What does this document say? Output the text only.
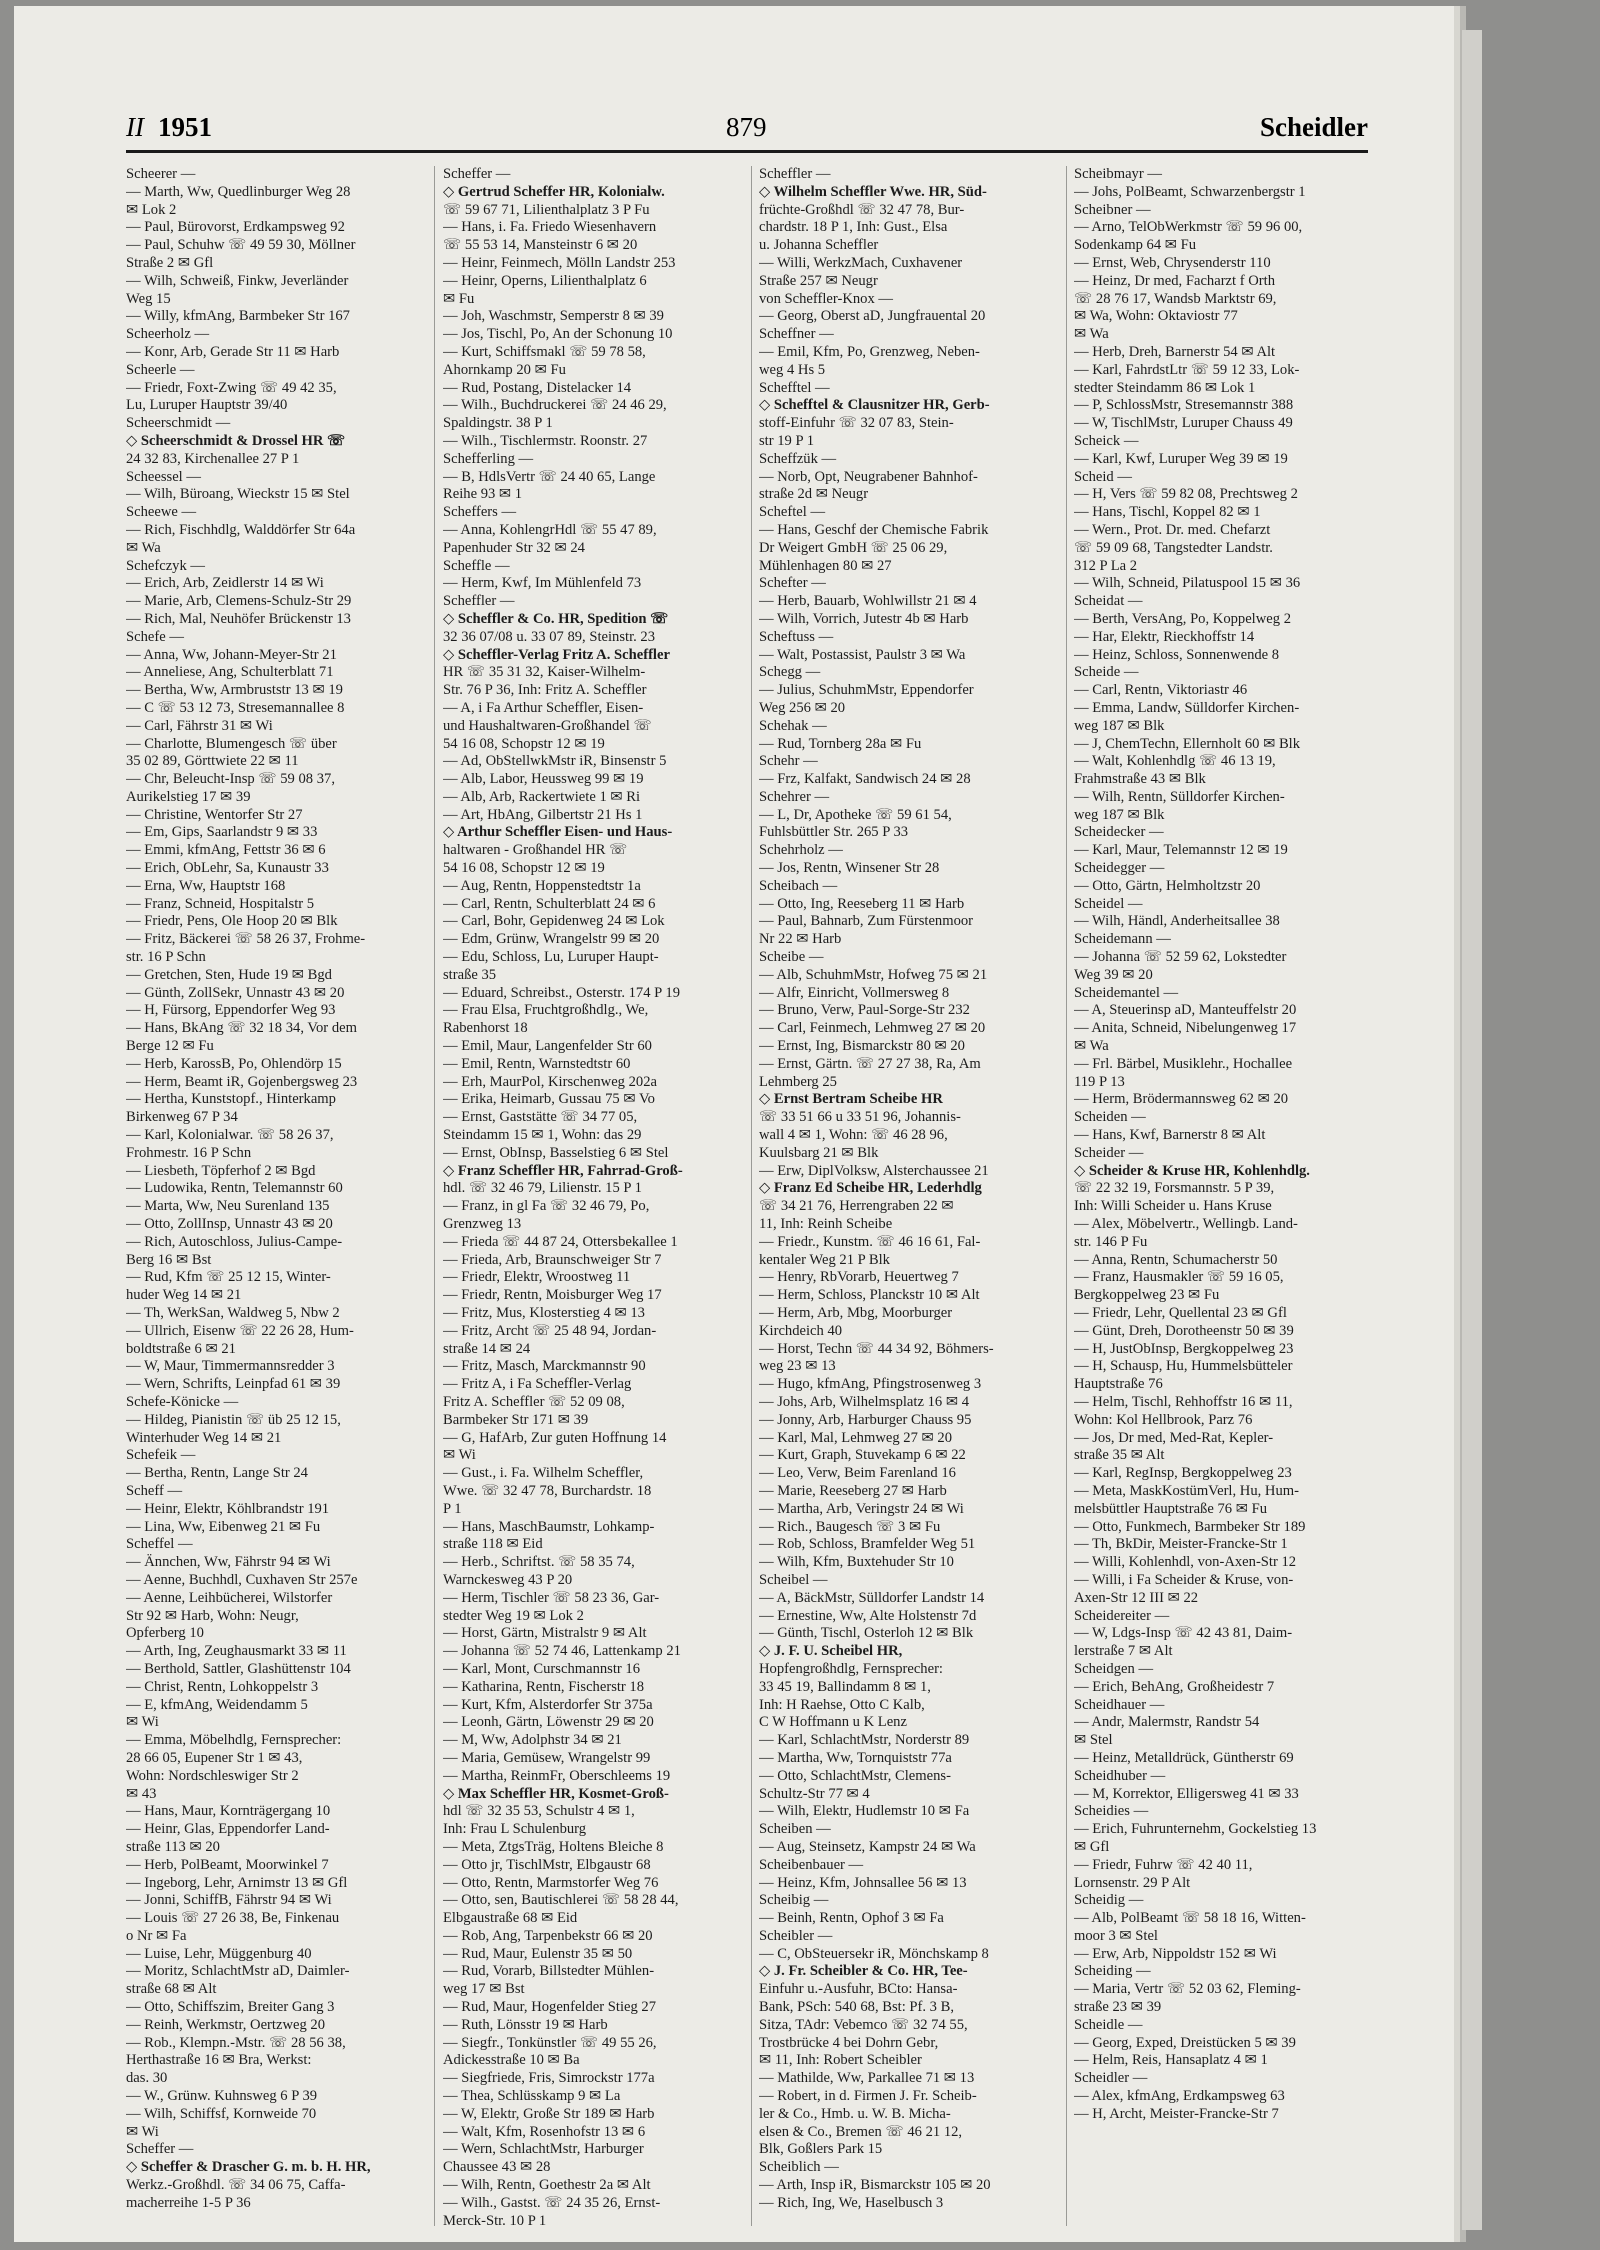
II 1951	879	Scheidler
Scheerer —
— Marth, Ww, Quedlinburger Weg 28
✉ Lok 2
— Paul, Bürovorst, Erdkampsweg 92
— Paul, Schuhw ☏ 49 59 30, Möllner
Straße 2 ✉ Gfl
— Wilh, Schweiß, Finkw, Jeverländer
Weg 15
— Willy, kfmAng, Barmbeker Str 167
Scheerholz —
— Konr, Arb, Gerade Str 11 ✉ Harb
Scheerle —
— Friedr, Foxt-Zwing ☏ 49 42 35,
Lu, Luruper Hauptstr 39/40
Scheerschmidt —
◇ Scheerschmidt & Drossel HR ☏
24 32 83, Kirchenallee 27 P 1
Scheessel —
— Wilh, Büroang, Wieckstr 15 ✉ Stel
Scheewe —
— Rich, Fischhdlg, Walddörfer Str 64a
✉ Wa
Schefczyk —
— Erich, Arb, Zeidlerstr 14 ✉ Wi
— Marie, Arb, Clemens-Schulz-Str 29
— Rich, Mal, Neuhöfer Brückenstr 13
Schefe —
— Anna, Ww, Johann-Meyer-Str 21
— Anneliese, Ang, Schulterblatt 71
— Bertha, Ww, Armbruststr 13 ✉ 19
— C ☏ 53 12 73, Stresemannallee 8
— Carl, Fährstr 31 ✉ Wi
— Charlotte, Blumengesch ☏ über
35 02 89, Görttwiete 22 ✉ 11
— Chr, Beleucht-Insp ☏ 59 08 37,
Aurikelstieg 17 ✉ 39
— Christine, Wentorfer Str 27
— Em, Gips, Saarlandstr 9 ✉ 33
— Emmi, kfmAng, Fettstr 36 ✉ 6
— Erich, ObLehr, Sa, Kunaustr 33
— Erna, Ww, Hauptstr 168
— Franz, Schneid, Hospitalstr 5
— Friedr, Pens, Ole Hoop 20 ✉ Blk
— Fritz, Bäckerei ☏ 58 26 37, Frohme-
str. 16 P Schn
— Gretchen, Sten, Hude 19 ✉ Bgd
— Günth, ZollSekr, Unnastr 43 ✉ 20
— H, Fürsorg, Eppendorfer Weg 93
— Hans, BkAng ☏ 32 18 34, Vor dem
Berge 12 ✉ Fu
— Herb, KarossB, Po, Ohlendörp 15
— Herm, Beamt iR, Gojenbergsweg 23
— Hertha, Kunststopf., Hinterkamp
Birkenweg 67 P 34
— Karl, Kolonialwar. ☏ 58 26 37,
Frohmestr. 16 P Schn
— Liesbeth, Töpferhof 2 ✉ Bgd
— Ludowika, Rentn, Telemannstr 60
— Marta, Ww, Neu Surenland 135
— Otto, ZollInsp, Unnastr 43 ✉ 20
— Rich, Autoschloss, Julius-Campe-
Berg 16 ✉ Bst
— Rud, Kfm ☏ 25 12 15, Winter-
huder Weg 14 ✉ 21
— Th, WerkSan, Waldweg 5, Nbw 2
— Ullrich, Eisenw ☏ 22 26 28, Hum-
boldtstraße 6 ✉ 21
— W, Maur, Timmermannsredder 3
— Wern, Schrifts, Leinpfad 61 ✉ 39
Schefe-Könicke —
— Hildeg, Pianistin ☏ üb 25 12 15,
Winterhuder Weg 14 ✉ 21
Schefeik —
— Bertha, Rentn, Lange Str 24
Scheff —
— Heinr, Elektr, Köhlbrandstr 191
— Lina, Ww, Eibenweg 21 ✉ Fu
Scheffel —
— Ännchen, Ww, Fährstr 94 ✉ Wi
— Aenne, Buchhdl, Cuxhaven Str 257e
— Aenne, Leihbücherei, Wilstorfer
Str 92 ✉ Harb, Wohn: Neugr,
Opferberg 10
— Arth, Ing, Zeughausmarkt 33 ✉ 11
— Berthold, Sattler, Glashüttenstr 104
— Christ, Rentn, Lohkoppelstr 3
— E, kfmAng, Weidendamm 5
✉ Wi
— Emma, Möbelhdlg, Fernsprecher:
28 66 05, Eupener Str 1 ✉ 43,
Wohn: Nordschleswiger Str 2
✉ 43
— Hans, Maur, Kornträgergang 10
— Heinr, Glas, Eppendorfer Land-
straße 113 ✉ 20
— Herb, PolBeamt, Moorwinkel 7
— Ingeborg, Lehr, Arnimstr 13 ✉ Gfl
— Jonni, SchiffB, Fährstr 94 ✉ Wi
— Louis ☏ 27 26 38, Be, Finkenau
o Nr ✉ Fa
— Luise, Lehr, Müggenburg 40
— Moritz, SchlachtMstr aD, Daimler-
straße 68 ✉ Alt
— Otto, Schiffszim, Breiter Gang 3
— Reinh, Werkmstr, Oertzweg 20
— Rob., Klempn.-Mstr. ☏ 28 56 38,
Herthastraße 16 ✉ Bra, Werkst:
das. 30
— W., Grünw. Kuhnsweg 6 P 39
— Wilh, Schiffsf, Kornweide 70
✉ Wi
Scheffer —
◇ Scheffer & Drascher G. m. b. H. HR,
Werkz.-Großhdl. ☏ 34 06 75, Caffa-
macherreihe 1-5 P 36
Scheffer —
◇ Gertrud Scheffer HR, Kolonialw.
☏ 59 67 71, Lilienthalplatz 3 P Fu
— Hans, i. Fa. Friedo Wiesenhavern
☏ 55 53 14, Mansteinstr 6 ✉ 20
— Heinr, Feinmech, Mölln Landstr 253
— Heinr, Operns, Lilienthalplatz 6
✉ Fu
— Joh, Waschmstr, Semperstr 8 ✉ 39
— Jos, Tischl, Po, An der Schonung 10
— Kurt, Schiffsmakl ☏ 59 78 58,
Ahornkamp 20 ✉ Fu
— Rud, Postang, Distelacker 14
— Wilh., Buchdruckerei ☏ 24 46 29,
Spaldingstr. 38 P 1
— Wilh., Tischlermstr. Roonstr. 27
Schefferling —
— B, HdlsVertr ☏ 24 40 65, Lange
Reihe 93 ✉ 1
Scheffers —
— Anna, KohlengrHdl ☏ 55 47 89,
Papenhuder Str 32 ✉ 24
Scheffle —
— Herm, Kwf, Im Mühlenfeld 73
Scheffler —
◇ Scheffler & Co. HR, Spedition ☏
32 36 07/08 u. 33 07 89, Steinstr. 23
◇ Scheffler-Verlag Fritz A. Scheffler
HR ☏ 35 31 32, Kaiser-Wilhelm-
Str. 76 P 36, Inh: Fritz A. Scheffler
— A, i Fa Arthur Scheffler, Eisen-
und Haushaltwaren-Großhandel ☏
54 16 08, Schopstr 12 ✉ 19
— Ad, ObStellwkMstr iR, Binsenstr 5
— Alb, Labor, Heussweg 99 ✉ 19
— Alb, Arb, Rackertwiete 1 ✉ Ri
— Art, HbAng, Gilbertstr 21 Hs 1
◇ Arthur Scheffler Eisen- und Haus-
haltwaren - Großhandel HR ☏
54 16 08, Schopstr 12 ✉ 19
— Aug, Rentn, Hoppenstedtstr 1a
— Carl, Rentn, Schulterblatt 24 ✉ 6
— Carl, Bohr, Gepidenweg 24 ✉ Lok
— Edm, Grünw, Wrangelstr 99 ✉ 20
— Edu, Schloss, Lu, Luruper Haupt-
straße 35
— Eduard, Schreibst., Osterstr. 174 P 19
— Frau Elsa, Fruchtgroßhdlg., We,
Rabenhorst 18
— Emil, Maur, Langenfelder Str 60
— Emil, Rentn, Warnstedtstr 60
— Erh, MaurPol, Kirschenweg 202a
— Erika, Heimarb, Gussau 75 ✉ Vo
— Ernst, Gaststätte ☏ 34 77 05,
Steindamm 15 ✉ 1, Wohn: das 29
— Ernst, ObInsp, Basselstieg 6 ✉ Stel
◇ Franz Scheffler HR, Fahrrad-Groß-
hdl. ☏ 32 46 79, Lilienstr. 15 P 1
— Franz, in gl Fa ☏ 32 46 79, Po,
Grenzweg 13
— Frieda ☏ 44 87 24, Ottersbekallee 1
— Frieda, Arb, Braunschweiger Str 7
— Friedr, Elektr, Wroostweg 11
— Friedr, Rentn, Moisburger Weg 17
— Fritz, Mus, Klosterstieg 4 ✉ 13
— Fritz, Archt ☏ 25 48 94, Jordan-
straße 14 ✉ 24
— Fritz, Masch, Marckmannstr 90
— Fritz A, i Fa Scheffler-Verlag
Fritz A. Scheffler ☏ 52 09 08,
Barmbeker Str 171 ✉ 39
— G, HafArb, Zur guten Hoffnung 14
✉ Wi
— Gust., i. Fa. Wilhelm Scheffler,
Wwe. ☏ 32 47 78, Burchardstr. 18
P 1
— Hans, MaschBaumstr, Lohkamp-
straße 118 ✉ Eid
— Herb., Schriftst. ☏ 58 35 74,
Warnckesweg 43 P 20
— Herm, Tischler ☏ 58 23 36, Gar-
stedter Weg 19 ✉ Lok 2
— Horst, Gärtn, Mistralstr 9 ✉ Alt
— Johanna ☏ 52 74 46, Lattenkamp 21
— Karl, Mont, Curschmannstr 16
— Katharina, Rentn, Fischerstr 18
— Kurt, Kfm, Alsterdorfer Str 375a
— Leonh, Gärtn, Löwenstr 29 ✉ 20
— M, Ww, Adolphstr 34 ✉ 21
— Maria, Gemüsew, Wrangelstr 99
— Martha, ReinmFr, Oberschleems 19
◇ Max Scheffler HR, Kosmet-Groß-
hdl ☏ 32 35 53, Schulstr 4 ✉ 1,
Inh: Frau L Schulenburg
— Meta, ZtgsTräg, Holtens Bleiche 8
— Otto jr, TischlMstr, Elbgaustr 68
— Otto, Rentn, Marmstorfer Weg 76
— Otto, sen, Bautischlerei ☏ 58 28 44,
Elbgaustraße 68 ✉ Eid
— Rob, Ang, Tarpenbekstr 66 ✉ 20
— Rud, Maur, Eulenstr 35 ✉ 50
— Rud, Vorarb, Billstedter Mühlen-
weg 17 ✉ Bst
— Rud, Maur, Hogenfelder Stieg 27
— Ruth, Lönsstr 19 ✉ Harb
— Siegfr., Tonkünstler ☏ 49 55 26,
Adickesstraße 10 ✉ Ba
— Siegfriede, Fris, Simrockstr 177a
— Thea, Schlüsskamp 9 ✉ La
— W, Elektr, Große Str 189 ✉ Harb
— Walt, Kfm, Rosenhofstr 13 ✉ 6
— Wern, SchlachtMstr, Harburger
Chaussee 43 ✉ 28
— Wilh, Rentn, Goethestr 2a ✉ Alt
— Wilh., Gastst. ☏ 24 35 26, Ernst-
Merck-Str. 10 P 1
Scheffler —
◇ Wilhelm Scheffler Wwe. HR, Süd-
früchte-Großhdl ☏ 32 47 78, Bur-
chardstr. 18 P 1, Inh: Gust., Elsa
u. Johanna Scheffler
— Willi, WerkzMach, Cuxhavener
Straße 257 ✉ Neugr
von Scheffler-Knox —
— Georg, Oberst aD, Jungfrauental 20
Scheffner —
— Emil, Kfm, Po, Grenzweg, Neben-
weg 4 Hs 5
Schefftel —
◇ Schefftel & Clausnitzer HR, Gerb-
stoff-Einfuhr ☏ 32 07 83, Stein-
str 19 P 1
Scheffzük —
— Norb, Opt, Neugrabener Bahnhof-
straße 2d ✉ Neugr
Scheftel —
— Hans, Geschf der Chemische Fabrik
Dr Weigert GmbH ☏ 25 06 29,
Mühlenhagen 80 ✉ 27
Schefter —
— Herb, Bauarb, Wohlwillstr 21 ✉ 4
— Wilh, Vorrich, Jutestr 4b ✉ Harb
Scheftuss —
— Walt, Postassist, Paulstr 3 ✉ Wa
Schegg —
— Julius, SchuhmMstr, Eppendorfer
Weg 256 ✉ 20
Schehak —
— Rud, Tornberg 28a ✉ Fu
Schehr —
— Frz, Kalfakt, Sandwisch 24 ✉ 28
Schehrer —
— L, Dr, Apotheke ☏ 59 61 54,
Fuhlsbüttler Str. 265 P 33
Schehrholz —
— Jos, Rentn, Winsener Str 28
Scheibach —
— Otto, Ing, Reeseberg 11 ✉ Harb
— Paul, Bahnarb, Zum Fürstenmoor
Nr 22 ✉ Harb
Scheibe —
— Alb, SchuhmMstr, Hofweg 75 ✉ 21
— Alfr, Einricht, Vollmersweg 8
— Bruno, Verw, Paul-Sorge-Str 232
— Carl, Feinmech, Lehmweg 27 ✉ 20
— Ernst, Ing, Bismarckstr 80 ✉ 20
— Ernst, Gärtn. ☏ 27 27 38, Ra, Am
Lehmberg 25
◇ Ernst Bertram Scheibe HR
☏ 33 51 66 u 33 51 96, Johannis-
wall 4 ✉ 1, Wohn: ☏ 46 28 96,
Kuulsbarg 21 ✉ Blk
— Erw, DiplVolksw, Alsterchaussee 21
◇ Franz Ed Scheibe HR, Lederhdlg
☏ 34 21 76, Herrengraben 22 ✉
11, Inh: Reinh Scheibe
— Friedr., Kunstm. ☏ 46 16 61, Fal-
kentaler Weg 21 P Blk
— Henry, RbVorarb, Heuertweg 7
— Herm, Schloss, Planckstr 10 ✉ Alt
— Herm, Arb, Mbg, Moorburger
Kirchdeich 40
— Horst, Techn ☏ 44 34 92, Böhmers-
weg 23 ✉ 13
— Hugo, kfmAng, Pfingstrosenweg 3
— Johs, Arb, Wilhelmsplatz 16 ✉ 4
— Jonny, Arb, Harburger Chauss 95
— Karl, Mal, Lehmweg 27 ✉ 20
— Kurt, Graph, Stuvekamp 6 ✉ 22
— Leo, Verw, Beim Farenland 16
— Marie, Reeseberg 27 ✉ Harb
— Martha, Arb, Veringstr 24 ✉ Wi
— Rich., Baugesch ☏ 3 ✉ Fu
— Rob, Schloss, Bramfelder Weg 51
— Wilh, Kfm, Buxtehuder Str 10
Scheibel —
— A, BäckMstr, Sülldorfer Landstr 14
— Ernestine, Ww, Alte Holstenstr 7d
— Günth, Tischl, Osterloh 12 ✉ Blk
◇ J. F. U. Scheibel HR,
Hopfengroßhdlg, Fernsprecher:
33 45 19, Ballindamm 8 ✉ 1,
Inh: H Raehse, Otto C Kalb,
C W Hoffmann u K Lenz
— Karl, SchlachtMstr, Norderstr 89
— Martha, Ww, Tornquiststr 77a
— Otto, SchlachtMstr, Clemens-
Schultz-Str 77 ✉ 4
— Wilh, Elektr, Hudlemstr 10 ✉ Fa
Scheiben —
— Aug, Steinsetz, Kampstr 24 ✉ Wa
Scheibenbauer —
— Heinz, Kfm, Johnsallee 56 ✉ 13
Scheibig —
— Beinh, Rentn, Ophof 3 ✉ Fa
Scheibler —
— C, ObSteuersekr iR, Mönchskamp 8
◇ J. Fr. Scheibler & Co. HR, Tee-
Einfuhr u.-Ausfuhr, BCto: Hansa-
Bank, PSch: 540 68, Bst: Pf. 3 B,
Sitza, TAdr: Vebemco ☏ 32 74 55,
Trostbrücke 4 bei Dohrn Gebr,
✉ 11, Inh: Robert Scheibler
— Mathilde, Ww, Parkallee 71 ✉ 13
— Robert, in d. Firmen J. Fr. Scheib-
ler & Co., Hmb. u. W. B. Micha-
elsen & Co., Bremen ☏ 46 21 12,
Blk, Goßlers Park 15
Scheiblich —
— Arth, Insp iR, Bismarckstr 105 ✉ 20
— Rich, Ing, We, Haselbusch 3
Scheibmayr —
— Johs, PolBeamt, Schwarzenbergstr 1
Scheibner —
— Arno, TelObWerkmstr ☏ 59 96 00,
Sodenkamp 64 ✉ Fu
— Ernst, Web, Chrysenderstr 110
— Heinz, Dr med, Facharzt f Orth
☏ 28 76 17, Wandsb Marktstr 69,
✉ Wa, Wohn: Oktaviostr 77
✉ Wa
— Herb, Dreh, Barnerstr 54 ✉ Alt
— Karl, FahrdstLtr ☏ 59 12 33, Lok-
stedter Steindamm 86 ✉ Lok 1
— P, SchlossMstr, Stresemannstr 388
— W, TischlMstr, Luruper Chauss 49
Scheick —
— Karl, Kwf, Luruper Weg 39 ✉ 19
Scheid —
— H, Vers ☏ 59 82 08, Prechtsweg 2
— Hans, Tischl, Koppel 82 ✉ 1
— Wern., Prot. Dr. med. Chefarzt
☏ 59 09 68, Tangstedter Landstr.
312 P La 2
— Wilh, Schneid, Pilatuspool 15 ✉ 36
Scheidat —
— Berth, VersAng, Po, Koppelweg 2
— Har, Elektr, Rieckhoffstr 14
— Heinz, Schloss, Sonnenwende 8
Scheide —
— Carl, Rentn, Viktoriastr 46
— Emma, Landw, Sülldorfer Kirchen-
weg 187 ✉ Blk
— J, ChemTechn, Ellernholt 60 ✉ Blk
— Walt, Kohlenhdlg ☏ 46 13 19,
Frahmstraße 43 ✉ Blk
— Wilh, Rentn, Sülldorfer Kirchen-
weg 187 ✉ Blk
Scheidecker —
— Karl, Maur, Telemannstr 12 ✉ 19
Scheidegger —
— Otto, Gärtn, Helmholtzstr 20
Scheidel —
— Wilh, Händl, Anderheitsallee 38
Scheidemann —
— Johanna ☏ 52 59 62, Lokstedter
Weg 39 ✉ 20
Scheidemantel —
— A, Steuerinsp aD, Manteuffelstr 20
— Anita, Schneid, Nibelungenweg 17
✉ Wa
— Frl. Bärbel, Musiklehr., Hochallee
119 P 13
— Herm, Brödermannsweg 62 ✉ 20
Scheiden —
— Hans, Kwf, Barnerstr 8 ✉ Alt
Scheider —
◇ Scheider & Kruse HR, Kohlenhdlg.
☏ 22 32 19, Forsmannstr. 5 P 39,
Inh: Willi Scheider u. Hans Kruse
— Alex, Möbelvertr., Wellingb. Land-
str. 146 P Fu
— Anna, Rentn, Schumacherstr 50
— Franz, Hausmakler ☏ 59 16 05,
Bergkoppelweg 23 ✉ Fu
— Friedr, Lehr, Quellental 23 ✉ Gfl
— Günt, Dreh, Dorotheenstr 50 ✉ 39
— H, JustObInsp, Bergkoppelweg 23
— H, Schausp, Hu, Hummelsbütteler
Hauptstraße 76
— Helm, Tischl, Rehhoffstr 16 ✉ 11,
Wohn: Kol Hellbrook, Parz 76
— Jos, Dr med, Med-Rat, Kepler-
straße 35 ✉ Alt
— Karl, RegInsp, Bergkoppelweg 23
— Meta, MaskKostümVerl, Hu, Hum-
melsbüttler Hauptstraße 76 ✉ Fu
— Otto, Funkmech, Barmbeker Str 189
— Th, BkDir, Meister-Francke-Str 1
— Willi, Kohlenhdl, von-Axen-Str 12
— Willi, i Fa Scheider & Kruse, von-
Axen-Str 12 III ✉ 22
Scheidereiter —
— W, Ldgs-Insp ☏ 42 43 81, Daim-
lerstraße 7 ✉ Alt
Scheidgen —
— Erich, BehAng, Großheidestr 7
Scheidhauer —
— Andr, Malermstr, Randstr 54
✉ Stel
— Heinz, Metalldrück, Güntherstr 69
Scheidhuber —
— M, Korrektor, Elligersweg 41 ✉ 33
Scheidies —
— Erich, Fuhrunternehm, Gockelstieg 13
✉ Gfl
— Friedr, Fuhrw ☏ 42 40 11,
Lornsenstr. 29 P Alt
Scheidig —
— Alb, PolBeamt ☏ 58 18 16, Witten-
moor 3 ✉ Stel
— Erw, Arb, Nippoldstr 152 ✉ Wi
Scheiding —
— Maria, Vertr ☏ 52 03 62, Fleming-
straße 23 ✉ 39
Scheidle —
— Georg, Exped, Dreistücken 5 ✉ 39
— Helm, Reis, Hansaplatz 4 ✉ 1
Scheidler —
— Alex, kfmAng, Erdkampsweg 63
— H, Archt, Meister-Francke-Str 7
